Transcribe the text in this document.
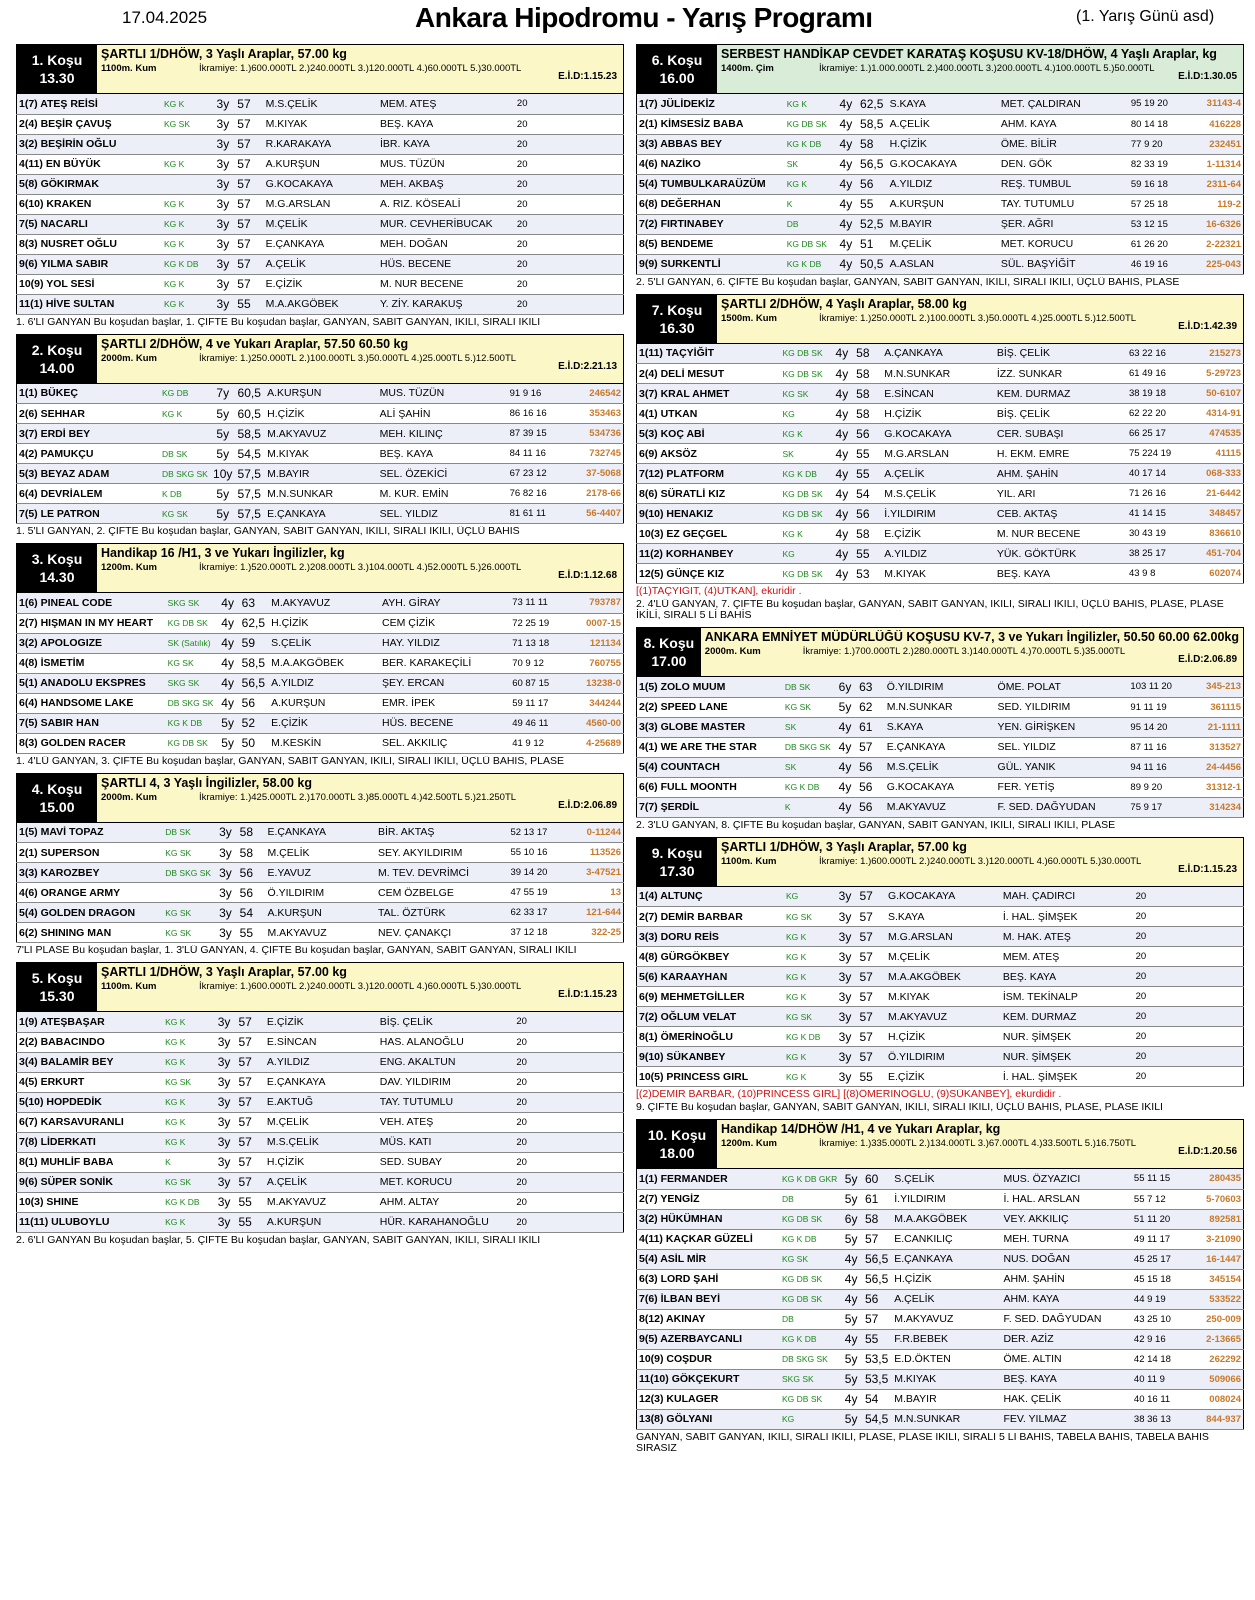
17.04.2025	Ankara Hipodromu - Yarış Programı	(1. Yarış Günü asd)
1. Koşu
13.30
ŞARTLI 1/DHÖW, 3 Yaşlı Araplar, 57.00 kg
1100m. Kum	İkramiye: 1.)600.000TL 2.)240.000TL 3.)120.000TL 4.)60.000TL 5.)30.000TL
E.İ.D:1.15.23
1(7) ATEŞ REİSİ	KG K	3y	57	M.S.ÇELİK	MEM. ATEŞ	20	
2(4) BEŞİR ÇAVUŞ	KG SK	3y	57	M.KIYAK	BEŞ. KAYA	20	
3(2) BEŞİRİN OĞLU		3y	57	R.KARAKAYA	İBR. KAYA	20	
4(11) EN BÜYÜK	KG K	3y	57	A.KURŞUN	MUS. TÜZÜN	20	
5(8) GÖKIRMAK		3y	57	G.KOCAKAYA	MEH. AKBAŞ	20	
6(10) KRAKEN	KG K	3y	57	M.G.ARSLAN	A. RIZ. KÖSEALİ	20	
7(5) NACARLI	KG K	3y	57	M.ÇELİK	MUR. CEVHERİBUCAK	20	
8(3) NUSRET OĞLU	KG K	3y	57	E.ÇANKAYA	MEH. DOĞAN	20	
9(6) YILMA SABIR	KG K DB	3y	57	A.ÇELİK	HÜS. BECENE	20	
10(9) YOL SESİ	KG K	3y	57	E.ÇİZİK	M. NUR BECENE	20	
11(1) HİVE SULTAN	KG K	3y	55	M.A.AKGÖBEK	Y. ZİY. KARAKUŞ	20	
1. 6'LI GANYAN Bu koşudan başlar, 1. ÇİFTE Bu koşudan başlar, GANYAN, SABİT GANYAN, İKİLİ, SIRALI İKİLİ
2. Koşu
14.00
ŞARTLI 2/DHÖW, 4 ve Yukarı Araplar, 57.50 60.50 kg
2000m. Kum	İkramiye: 1.)250.000TL 2.)100.000TL 3.)50.000TL 4.)25.000TL 5.)12.500TL
E.İ.D:2.21.13
1(1) BÜKEÇ	KG DB	7y	60,5	A.KURŞUN	MUS. TÜZÜN	91 9 16	246542
2(6) SEHHAR	KG K	5y	60,5	H.ÇİZİK	ALİ ŞAHİN	86 16 16	353463
3(7) ERDİ BEY		5y	58,5	M.AKYAVUZ	MEH. KILINÇ	87 39 15	534736
4(2) PAMUKÇU	DB SK	5y	54,5	M.KIYAK	BEŞ. KAYA	84 11 16	732745
5(3) BEYAZ ADAM	DB SKG SK	10y	57,5	M.BAYIR	SEL. ÖZEKİCİ	67 23 12	37-5068
6(4) DEVRİALEM	K DB	5y	57,5	M.N.SUNKAR	M. KUR. EMİN	76 82 16	2178-66
7(5) LE PATRON	KG SK	5y	57,5	E.ÇANKAYA	SEL. YILDIZ	81 61 11	56-4407
1. 5'Lİ GANYAN, 2. ÇİFTE Bu koşudan başlar, GANYAN, SABİT GANYAN, İKİLİ, SIRALI İKİLİ, ÜÇLÜ BAHİS
3. Koşu
14.30
Handikap 16 /H1, 3 ve Yukarı İngilizler, kg
1200m. Kum	İkramiye: 1.)520.000TL 2.)208.000TL 3.)104.000TL 4.)52.000TL 5.)26.000TL
E.İ.D:1.12.68
1(6) PINEAL CODE	SKG SK	4y	63	M.AKYAVUZ	AYH. GİRAY	73 11 11	793787
2(7) HIŞMAN IN MY HEART	KG DB SK	4y	62,5	H.ÇİZİK	CEM ÇİZİK	72 25 19	0007-15
3(2) APOLOGIZE	SK (Satılık)	4y	59	S.ÇELİK	HAY. YILDIZ	71 13 18	121134
4(8) İSMETİM	KG SK	4y	58,5	M.A.AKGÖBEK	BER. KARAKEÇİLİ	70 9 12	760755
5(1) ANADOLU EKSPRES	SKG SK	4y	56,5	A.YILDIZ	ŞEY. ERCAN	60 87 15	13238-0
6(4) HANDSOME LAKE	DB SKG SK	4y	56	A.KURŞUN	EMR. İPEK	59 11 17	344244
7(5) SABIR HAN	KG K DB	5y	52	E.ÇİZİK	HÜS. BECENE	49 46 11	4560-00
8(3) GOLDEN RACER	KG DB SK	5y	50	M.KESKİN	SEL. AKKILIÇ	41 9 12	4-25689
1. 4'LÜ GANYAN, 3. ÇİFTE Bu koşudan başlar, GANYAN, SABİT GANYAN, İKİLİ, SIRALI İKİLİ, ÜÇLÜ BAHİS, PLASE
4. Koşu
15.00
ŞARTLI 4, 3 Yaşlı İngilizler, 58.00 kg
2000m. Kum	İkramiye: 1.)425.000TL 2.)170.000TL 3.)85.000TL 4.)42.500TL 5.)21.250TL
E.İ.D:2.06.89
1(5) MAVİ TOPAZ	DB SK	3y	58	E.ÇANKAYA	BİR. AKTAŞ	52 13 17	0-11244
2(1) SUPERSON	KG SK	3y	58	M.ÇELİK	SEY. AKYILDIRIM	55 10 16	113526
3(3) KAROZBEY	DB SKG SK	3y	56	E.YAVUZ	M. TEV. DEVRİMCİ	39 14 20	3-47521
4(6) ORANGE ARMY		3y	56	Ö.YILDIRIM	CEM ÖZBELGE	47 55 19	13
5(4) GOLDEN DRAGON	KG SK	3y	54	A.KURŞUN	TAL. ÖZTÜRK	62 33 17	121-644
6(2) SHINING MAN	KG SK	3y	55	M.AKYAVUZ	NEV. ÇANAKÇI	37 12 18	322-25
7'Lİ PLASE Bu koşudan başlar, 1. 3'LÜ GANYAN, 4. ÇİFTE Bu koşudan başlar, GANYAN, SABİT GANYAN, SIRALI İKİLİ
5. Koşu
15.30
ŞARTLI 1/DHÖW, 3 Yaşlı Araplar, 57.00 kg
1100m. Kum	İkramiye: 1.)600.000TL 2.)240.000TL 3.)120.000TL 4.)60.000TL 5.)30.000TL
E.İ.D:1.15.23
1(9) ATEŞBAŞAR	KG K	3y	57	E.ÇİZİK	BİŞ. ÇELİK	20	
2(2) BABACINDO	KG K	3y	57	E.SİNCAN	HAS. ALANOĞLU	20	
3(4) BALAMİR BEY	KG K	3y	57	A.YILDIZ	ENG. AKALTUN	20	
4(5) ERKURT	KG SK	3y	57	E.ÇANKAYA	DAV. YILDIRIM	20	
5(10) HOPDEDİK	KG K	3y	57	E.AKTUĞ	TAY. TUTUMLU	20	
6(7) KARSAVURANLI	KG K	3y	57	M.ÇELİK	VEH. ATEŞ	20	
7(8) LİDERKATI	KG K	3y	57	M.S.ÇELİK	MÜS. KATI	20	
8(1) MUHLİF BABA	K	3y	57	H.ÇİZİK	SED. SUBAY	20	
9(6) SÜPER SONİK	KG SK	3y	57	A.ÇELİK	MET. KORUCU	20	
10(3) SHINE	KG K DB	3y	55	M.AKYAVUZ	AHM. ALTAY	20	
11(11) ULUBOYLU	KG K	3y	55	A.KURŞUN	HÜR. KARAHANOĞLU	20	
2. 6'LI GANYAN Bu koşudan başlar, 5. ÇİFTE Bu koşudan başlar, GANYAN, SABİT GANYAN, İKİLİ, SIRALI İKİLİ
6. Koşu
16.00
SERBEST HANDİKAP CEVDET KARATAŞ KOŞUSU KV-18/DHÖW, 4 Yaşlı Araplar, kg
1400m. Çim	İkramiye: 1.)1.000.000TL 2.)400.000TL 3.)200.000TL 4.)100.000TL 5.)50.000TL
E.İ.D:1.30.05
1(7) JÜLİDEKİZ	KG K	4y	62,5	S.KAYA	MET. ÇALDIRAN	95 19 20	31143-4
2(1) KİMSESİZ BABA	KG DB SK	4y	58,5	A.ÇELİK	AHM. KAYA	80 14 18	416228
3(3) ABBAS BEY	KG K DB	4y	58	H.ÇİZİK	ÖME. BİLİR	77 9 20	232451
4(6) NAZİKO	SK	4y	56,5	G.KOCAKAYA	DEN. GÖK	82 33 19	1-11314
5(4) TUMBULKARAÜZÜM	KG K	4y	56	A.YILDIZ	REŞ. TUMBUL	59 16 18	2311-64
6(8) DEĞERHAN	K	4y	55	A.KURŞUN	TAY. TUTUMLU	57 25 18	119-2
7(2) FIRTINABEY	DB	4y	52,5	M.BAYIR	ŞER. AĞRI	53 12 15	16-6326
8(5) BENDEME	KG DB SK	4y	51	M.ÇELİK	MET. KORUCU	61 26 20	2-22321
9(9) SURKENTLİ	KG K DB	4y	50,5	A.ASLAN	SÜL. BAŞYİĞİT	46 19 16	225-043
2. 5'Lİ GANYAN, 6. ÇİFTE Bu koşudan başlar, GANYAN, SABİT GANYAN, İKİLİ, SIRALI İKİLİ, ÜÇLÜ BAHİS, PLASE
7. Koşu
16.30
ŞARTLI 2/DHÖW, 4 Yaşlı Araplar, 58.00 kg
1500m. Kum	İkramiye: 1.)250.000TL 2.)100.000TL 3.)50.000TL 4.)25.000TL 5.)12.500TL
E.İ.D:1.42.39
1(11) TAÇYİĞİT	KG DB SK	4y	58	A.ÇANKAYA	BİŞ. ÇELİK	63 22 16	215273
2(4) DELİ MESUT	KG DB SK	4y	58	M.N.SUNKAR	İZZ. SUNKAR	61 49 16	5-29723
3(7) KRAL AHMET	KG SK	4y	58	E.SİNCAN	KEM. DURMAZ	38 19 18	50-6107
4(1) UTKAN	KG	4y	58	H.ÇİZİK	BİŞ. ÇELİK	62 22 20	4314-91
5(3) KOÇ ABİ	KG K	4y	56	G.KOCAKAYA	CER. SUBAŞI	66 25 17	474535
6(9) AKSÖZ	SK	4y	55	M.G.ARSLAN	H. EKM. EMRE	75 224 19	41115
7(12) PLATFORM	KG K DB	4y	55	A.ÇELİK	AHM. ŞAHİN	40 17 14	068-333
8(6) SÜRATLİ KIZ	KG DB SK	4y	54	M.S.ÇELİK	YIL. ARI	71 26 16	21-6442
9(10) HENAKIZ	KG DB SK	4y	56	İ.YILDIRIM	CEB. AKTAŞ	41 14 15	348457
10(3) EZ GEÇGEL	KG K	4y	58	E.ÇİZİK	M. NUR BECENE	30 43 19	836610
11(2) KORHANBEY	KG	4y	55	A.YILDIZ	YÜK. GÖKTÜRK	38 25 17	451-704
12(5) GÜNÇE KIZ	KG DB SK	4y	53	M.KIYAK	BEŞ. KAYA	43 9 8	602074
[(1)TAÇYİĞİT, (4)UTKAN], ekuridir .
2. 4'LÜ GANYAN, 7. ÇİFTE Bu koşudan başlar, GANYAN, SABİT GANYAN, İKİLİ, SIRALI İKİLİ, ÜÇLÜ BAHİS, PLASE, PLASE İKİLİ, SIRALI 5 Lİ BAHİS
8. Koşu
17.00
ANKARA EMNİYET MÜDÜRLÜĞÜ KOŞUSU KV-7, 3 ve Yukarı İngilizler, 50.50 60.00 62.00kg
2000m. Kum	İkramiye: 1.)700.000TL 2.)280.000TL 3.)140.000TL 4.)70.000TL 5.)35.000TL
E.İ.D:2.06.89
1(5) ZOLO MUUM	DB SK	6y	63	Ö.YILDIRIM	ÖME. POLAT	103 11 20	345-213
2(2) SPEED LANE	KG SK	5y	62	M.N.SUNKAR	SED. YILDIRIM	91 11 19	361115
3(3) GLOBE MASTER	SK	4y	61	S.KAYA	YEN. GİRİŞKEN	95 14 20	21-1111
4(1) WE ARE THE STAR	DB SKG SK	4y	57	E.ÇANKAYA	SEL. YILDIZ	87 11 16	313527
5(4) COUNTACH	SK	4y	56	M.S.ÇELİK	GÜL. YANIK	94 11 16	24-4456
6(6) FULL MOONTH	KG K DB	4y	56	G.KOCAKAYA	FER. YETİŞ	89 9 20	31312-1
7(7) ŞERDİL	K	4y	56	M.AKYAVUZ	F. SED. DAĞYUDAN	75 9 17	314234
2. 3'LÜ GANYAN, 8. ÇİFTE Bu koşudan başlar, GANYAN, SABİT GANYAN, İKİLİ, SIRALI İKİLİ, PLASE
9. Koşu
17.30
ŞARTLI 1/DHÖW, 3 Yaşlı Araplar, 57.00 kg
1100m. Kum	İkramiye: 1.)600.000TL 2.)240.000TL 3.)120.000TL 4.)60.000TL 5.)30.000TL
E.İ.D:1.15.23
1(4) ALTUNÇ	KG	3y	57	G.KOCAKAYA	MAH. ÇADIRCI	20	
2(7) DEMİR BARBAR	KG SK	3y	57	S.KAYA	İ. HAL. ŞİMŞEK	20	
3(3) DORU REİS	KG K	3y	57	M.G.ARSLAN	M. HAK. ATEŞ	20	
4(8) GÜRGÖKBEY	KG K	3y	57	M.ÇELİK	MEM. ATEŞ	20	
5(6) KARAAYHAN	KG K	3y	57	M.A.AKGÖBEK	BEŞ. KAYA	20	
6(9) MEHMETGİLLER	KG K	3y	57	M.KIYAK	İSM. TEKİNALP	20	
7(2) OĞLUM VELAT	KG SK	3y	57	M.AKYAVUZ	KEM. DURMAZ	20	
8(1) ÖMERİNOĞLU	KG K DB	3y	57	H.ÇİZİK	NUR. ŞİMŞEK	20	
9(10) SÜKANBEY	KG K	3y	57	Ö.YILDIRIM	NUR. ŞİMŞEK	20	
10(5) PRINCESS GIRL	KG K	3y	55	E.ÇİZİK	İ. HAL. ŞİMŞEK	20	
[(2)DEMİR BARBAR, (10)PRINCESS GIRL] [(8)ÖMERİNOĞLU, (9)SÜKANBEY], ekurdidir .
9. ÇİFTE Bu koşudan başlar, GANYAN, SABİT GANYAN, İKİLİ, SIRALI İKİLİ, ÜÇLÜ BAHİS, PLASE, PLASE İKİLİ
10. Koşu
18.00
Handikap 14/DHÖW /H1, 4 ve Yukarı Araplar, kg
1200m. Kum	İkramiye: 1.)335.000TL 2.)134.000TL 3.)67.000TL 4.)33.500TL 5.)16.750TL
E.İ.D:1.20.56
1(1) FERMANDER	KG K DB GKR	5y	60	S.ÇELİK	MUS. ÖZYAZICI	55 11 15	280435
2(7) YENGİZ	DB	5y	61	İ.YILDIRIM	İ. HAL. ARSLAN	55 7 12	5-70603
3(2) HÜKÜMHAN	KG DB SK	6y	58	M.A.AKGÖBEK	VEY. AKKILIÇ	51 11 20	892581
4(11) KAÇKAR GÜZELİ	KG K DB	5y	57	E.CANKILIÇ	MEH. TURNA	49 11 17	3-21090
5(4) ASİL MİR	KG SK	4y	56,5	E.ÇANKAYA	NUS. DOĞAN	45 25 17	16-1447
6(3) LORD ŞAHİ	KG DB SK	4y	56,5	H.ÇİZİK	AHM. ŞAHİN	45 15 18	345154
7(6) İLBAN BEYİ	KG DB SK	4y	56	A.ÇELİK	AHM. KAYA	44 9 19	533522
8(12) AKINAY	DB	5y	57	M.AKYAVUZ	F. SED. DAĞYUDAN	43 25 10	250-009
9(5) AZERBAYCANLI	KG K DB	4y	55	F.R.BEBEK	DER. AZİZ	42 9 16	2-13665
10(9) COŞDUR	DB SKG SK	5y	53,5	E.D.ÖKTEN	ÖME. ALTIN	42 14 18	262292
11(10) GÖKÇEKURT	SKG SK	5y	53,5	M.KIYAK	BEŞ. KAYA	40 11 9	509066
12(3) KULAGER	KG DB SK	4y	54	M.BAYIR	HAK. ÇELİK	40 16 11	008024
13(8) GÖLYANI	KG	5y	54,5	M.N.SUNKAR	FEV. YILMAZ	38 36 13	844-937
GANYAN, SABİT GANYAN, İKİLİ, SIRALI İKİLİ, PLASE, PLASE İKİLİ, SIRALI 5 Lİ BAHİS, TABELA BAHİS, TABELA BAHİS SIRASIZ
